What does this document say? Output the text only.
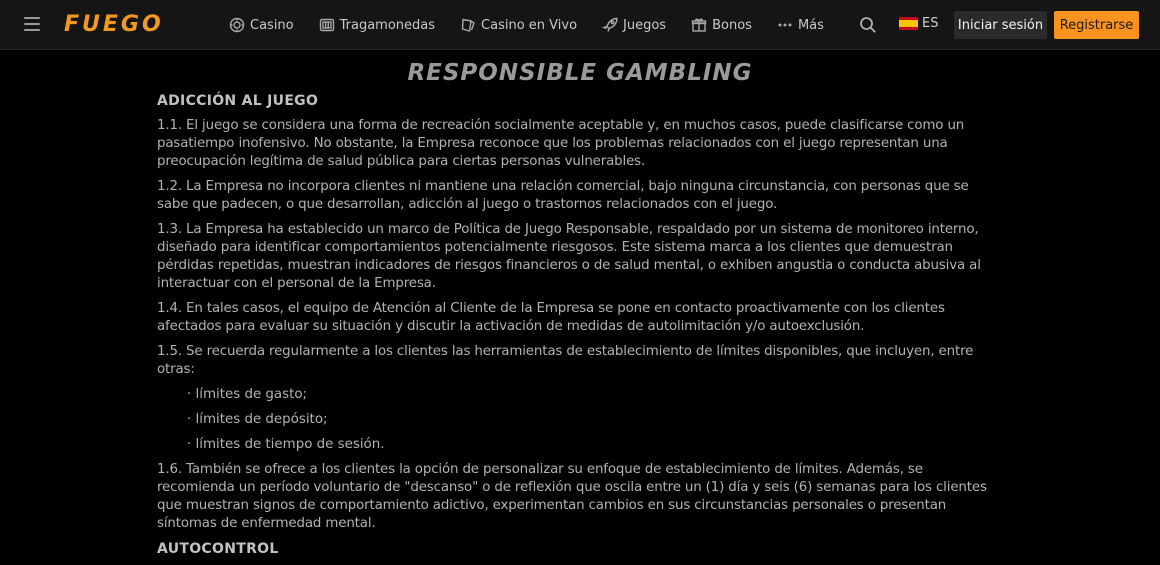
FUEGO	Casino	Tragamonedas	Casino en Vivo	Juegos	Bonos	Más	ES Iniciar sesión	Registrarse
RESPONSIBLE GAMBLING
ADICCIÓN AL JUEGO

1.1. El juego se considera una forma de recreación socialmente aceptable y, en muchos casos, puede clasificarse como un pasatiempo inofensivo. No obstante, la Empresa reconoce que los problemas relacionados con el juego representan una preocupación legítima de salud pública para ciertas personas vulnerables.

1.2. La Empresa no incorpora clientes ni mantiene una relación comercial, bajo ninguna circunstancia, con personas que se sabe que padecen, o que desarrollan, adicción al juego o trastornos relacionados con el juego.

1.3. La Empresa ha establecido un marco de Política de Juego Responsable, respaldado por un sistema de monitoreo interno, diseñado para identificar comportamientos potencialmente riesgosos. Este sistema marca a los clientes que demuestran pérdidas repetidas, muestran indicadores de riesgos financieros o de salud mental, o exhiben angustia o conducta abusiva al interactuar con el personal de la Empresa.

1.4. En tales casos, el equipo de Atención al Cliente de la Empresa se pone en contacto proactivamente con los clientes afectados para evaluar su situación y discutir la activación de medidas de autolimitación y/o autoexclusión.

1.5. Se recuerda regularmente a los clientes las herramientas de establecimiento de límites disponibles, que incluyen, entre otras:

· límites de gasto;

· límites de depósito;

· límites de tiempo de sesión.

1.6. También se ofrece a los clientes la opción de personalizar su enfoque de establecimiento de límites. Además, se recomienda un período voluntario de "descanso" o de reflexión que oscila entre un (1) día y seis (6) semanas para los clientes que muestran signos de comportamiento adictivo, experimentan cambios en sus circunstancias personales o presentan síntomas de enfermedad mental.

AUTOCONTROL
